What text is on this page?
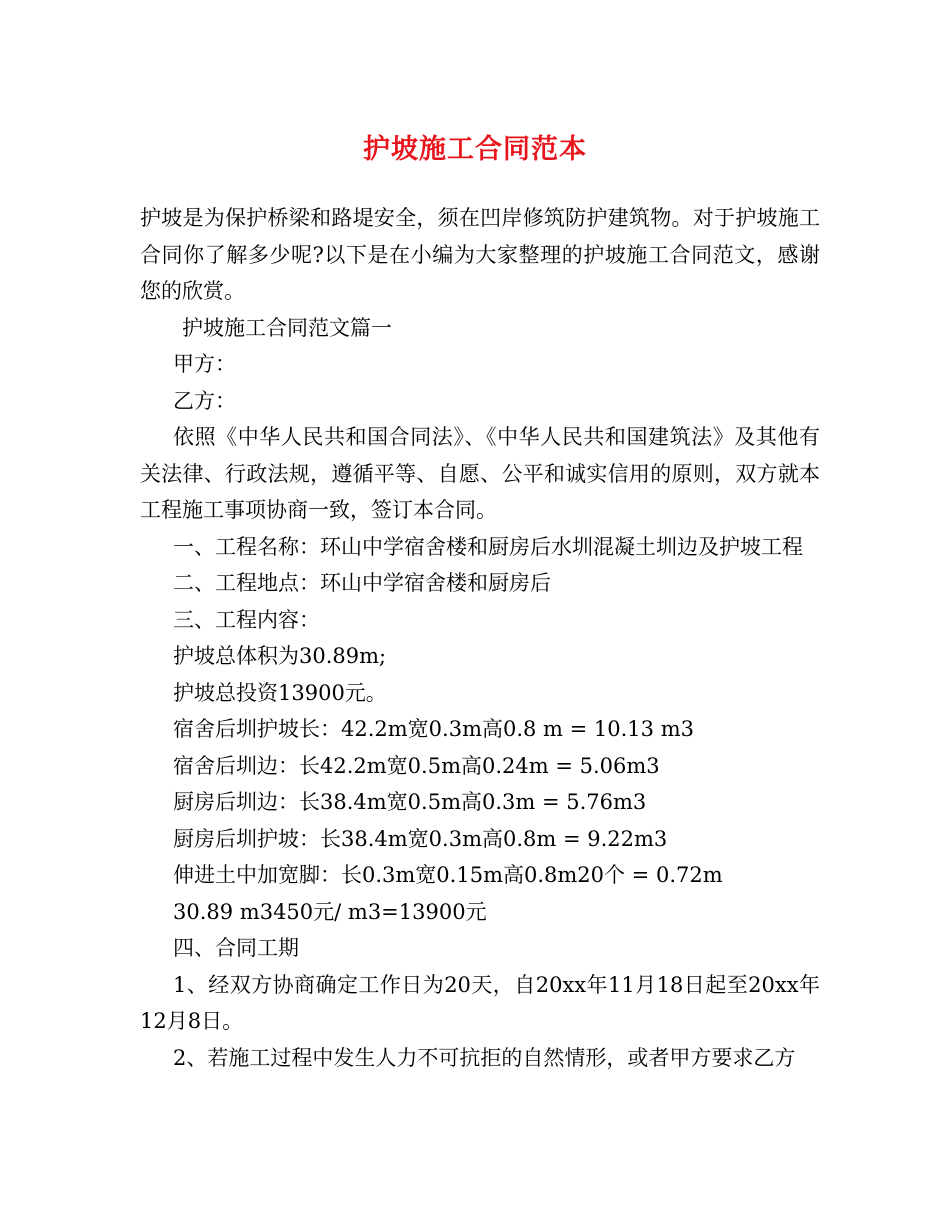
护坡施工合同范本

护坡是为保护桥梁和路堤安全，须在凹岸修筑防护建筑物。对于护坡施工合同你了解多少呢?以下是在小编为大家整理的护坡施工合同范文，感谢您的欣赏。

护坡施工合同范文篇一

甲方：

乙方：

依照《中华人民共和国合同法》、《中华人民共和国建筑法》及其他有关法律、行政法规，遵循平等、自愿、公平和诚实信用的原则，双方就本工程施工事项协商一致，签订本合同。

一、工程名称：环山中学宿舍楼和厨房后水圳混凝土圳边及护坡工程

二、工程地点：环山中学宿舍楼和厨房后

三、工程内容：

护坡总体积为30.89m;

护坡总投资13900元。

宿舍后圳护坡长：42.2m宽0.3m高0.8 m = 10.13 m3

宿舍后圳边：长42.2m宽0.5m高0.24m = 5.06m3

厨房后圳边：长38.4m宽0.5m高0.3m = 5.76m3

厨房后圳护坡：长38.4m宽0.3m高0.8m = 9.22m3

伸进土中加宽脚：长0.3m宽0.15m高0.8m20个 = 0.72m

30.89 m3450元/ m3=13900元

四、合同工期

1、经双方协商确定工作日为20天，自20xx年11月18日起至20xx年12月8日。

2、若施工过程中发生人力不可抗拒的自然情形，或者甲方要求乙方
